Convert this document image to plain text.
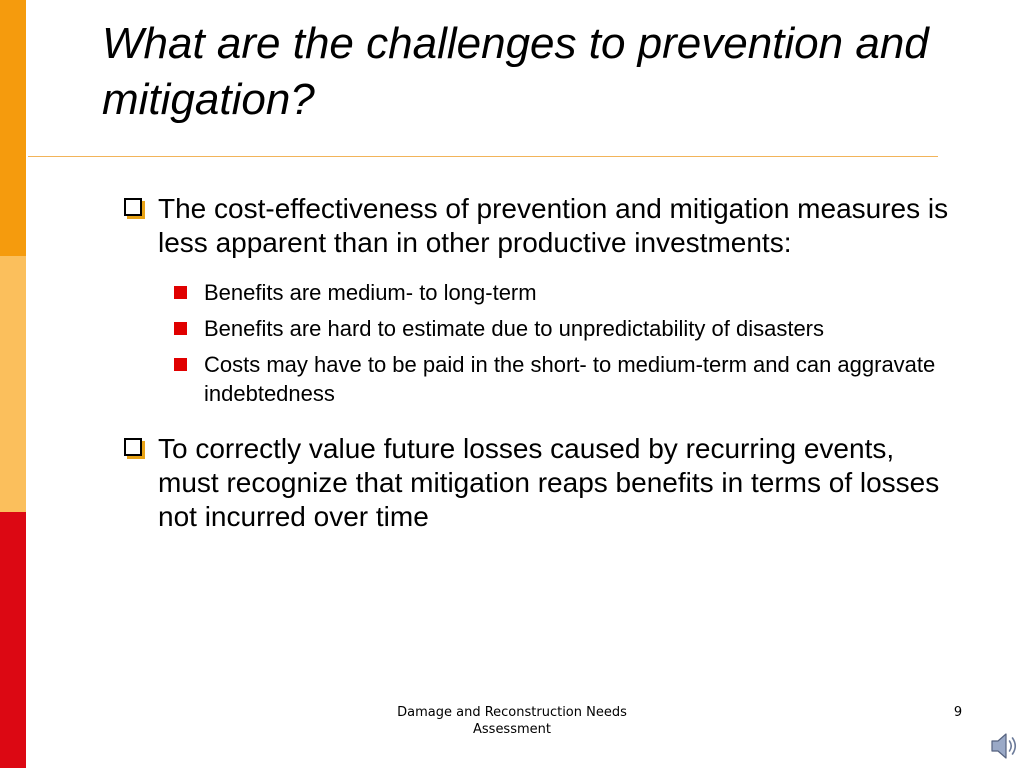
What are the challenges to prevention and mitigation?

The cost-effectiveness of prevention and mitigation measures is less apparent than in other productive investments:

Benefits are medium- to long-term
Benefits are hard to estimate due to unpredictability of disasters
Costs may have to be paid in the short- to medium-term and can aggravate indebtedness

To correctly value future losses caused by recurring events, must recognize that mitigation reaps benefits in terms of losses not incurred over time

Damage and Reconstruction Needs Assessment
9
